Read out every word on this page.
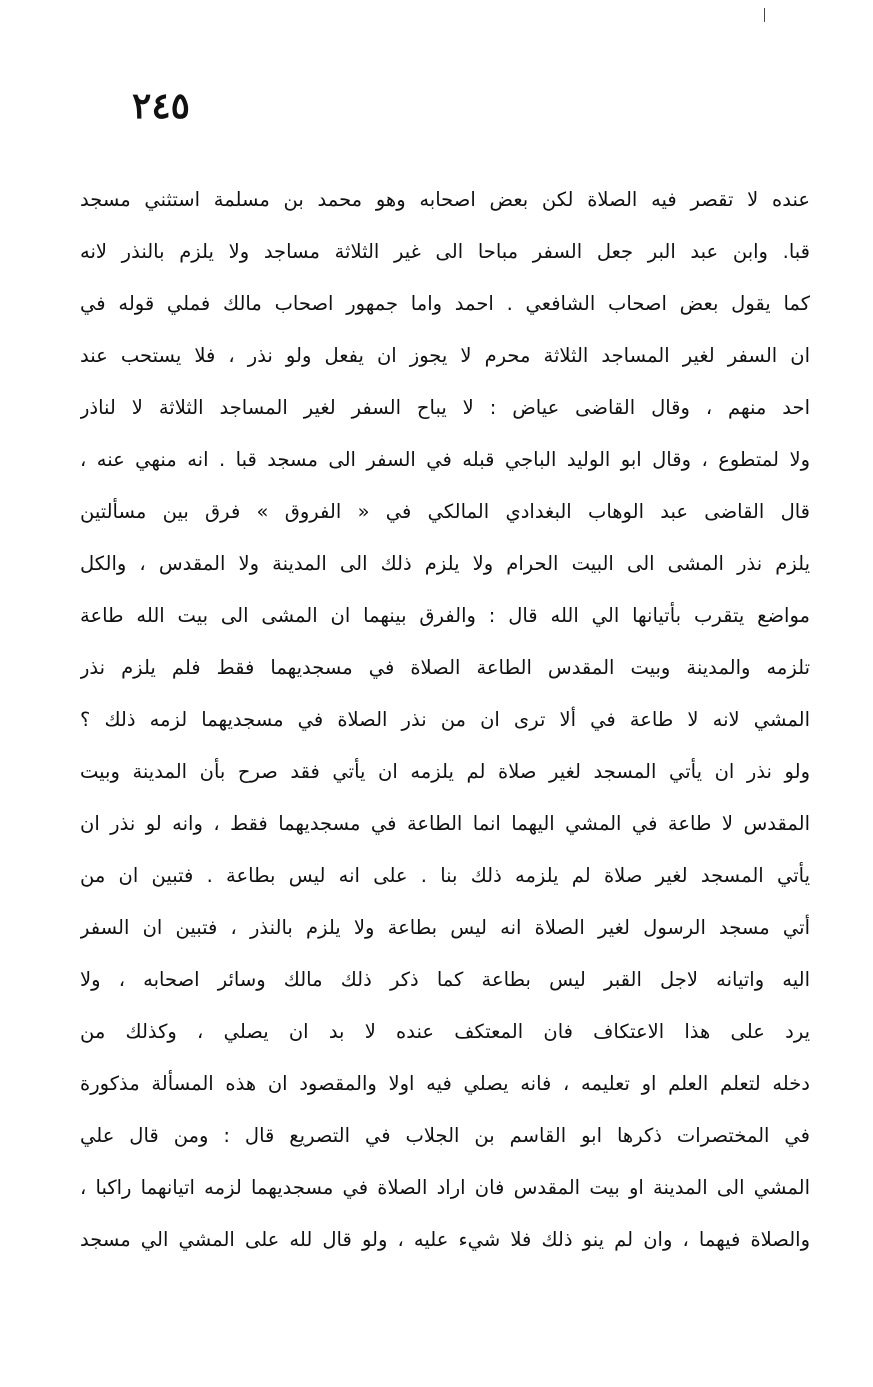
٢٤٥
عنده لا تقصر فيه الصلاة لكن بعض اصحابه وهو محمد بن مسلمة استثني مسجد
قبا. وابن عبد البر جعل السفر مباحا الى غير الثلاثة مساجد ولا يلزم بالنذر لانه
كما يقول بعض اصحاب الشافعي . احمد واما جمهور اصحاب مالك فملي قوله في
ان السفر لغير المساجد الثلاثة محرم لا يجوز ان يفعل ولو نذر ، فلا يستحب عند
احد منهم ، وقال القاضى عياض : لا يباح السفر لغير المساجد الثلاثة لا لناذر
ولا لمتطوع ، وقال ابو الوليد الباجي قبله في السفر الى مسجد قبا . انه منهي عنه ،
قال القاضى عبد الوهاب البغدادي المالكي في « الفروق » فرق بين مسألتين
يلزم نذر المشى الى البيت الحرام ولا يلزم ذلك الى المدينة ولا المقدس ، والكل
مواضع يتقرب بأتيانها الي الله قال : والفرق بينهما ان المشى الى بيت الله طاعة
تلزمه والمدينة وبيت المقدس الطاعة الصلاة في مسجديهما فقط فلم يلزم نذر
المشي لانه لا طاعة في ألا ترى ان من نذر الصلاة في مسجديهما لزمه ذلك ؟
ولو نذر ان يأتي المسجد لغير صلاة لم يلزمه ان يأتي فقد صرح بأن المدينة وبيت
المقدس لا طاعة في المشي اليهما انما الطاعة في مسجديهما فقط ، وانه لو نذر ان
يأتي المسجد لغير صلاة لم يلزمه ذلك بنا . على انه ليس بطاعة . فتبين ان من
أتي مسجد الرسول لغير الصلاة انه ليس بطاعة ولا يلزم بالنذر ، فتبين ان السفر
اليه واتيانه لاجل القبر ليس بطاعة كما ذكر ذلك مالك وسائر اصحابه ، ولا
يرد على هذا الاعتكاف فان المعتكف عنده لا بد ان يصلي ، وكذلك من
دخله لتعلم العلم او تعليمه ، فانه يصلي فيه اولا والمقصود ان هذه المسألة مذكورة
في المختصرات ذكرها ابو القاسم بن الجلاب في التصريع قال : ومن قال علي
المشي الى المدينة او بيت المقدس فان اراد الصلاة في مسجديهما لزمه اتيانهما راكبا ،
والصلاة فيهما ، وان لم ينو ذلك فلا شيء عليه ، ولو قال لله على المشي الي مسجد
